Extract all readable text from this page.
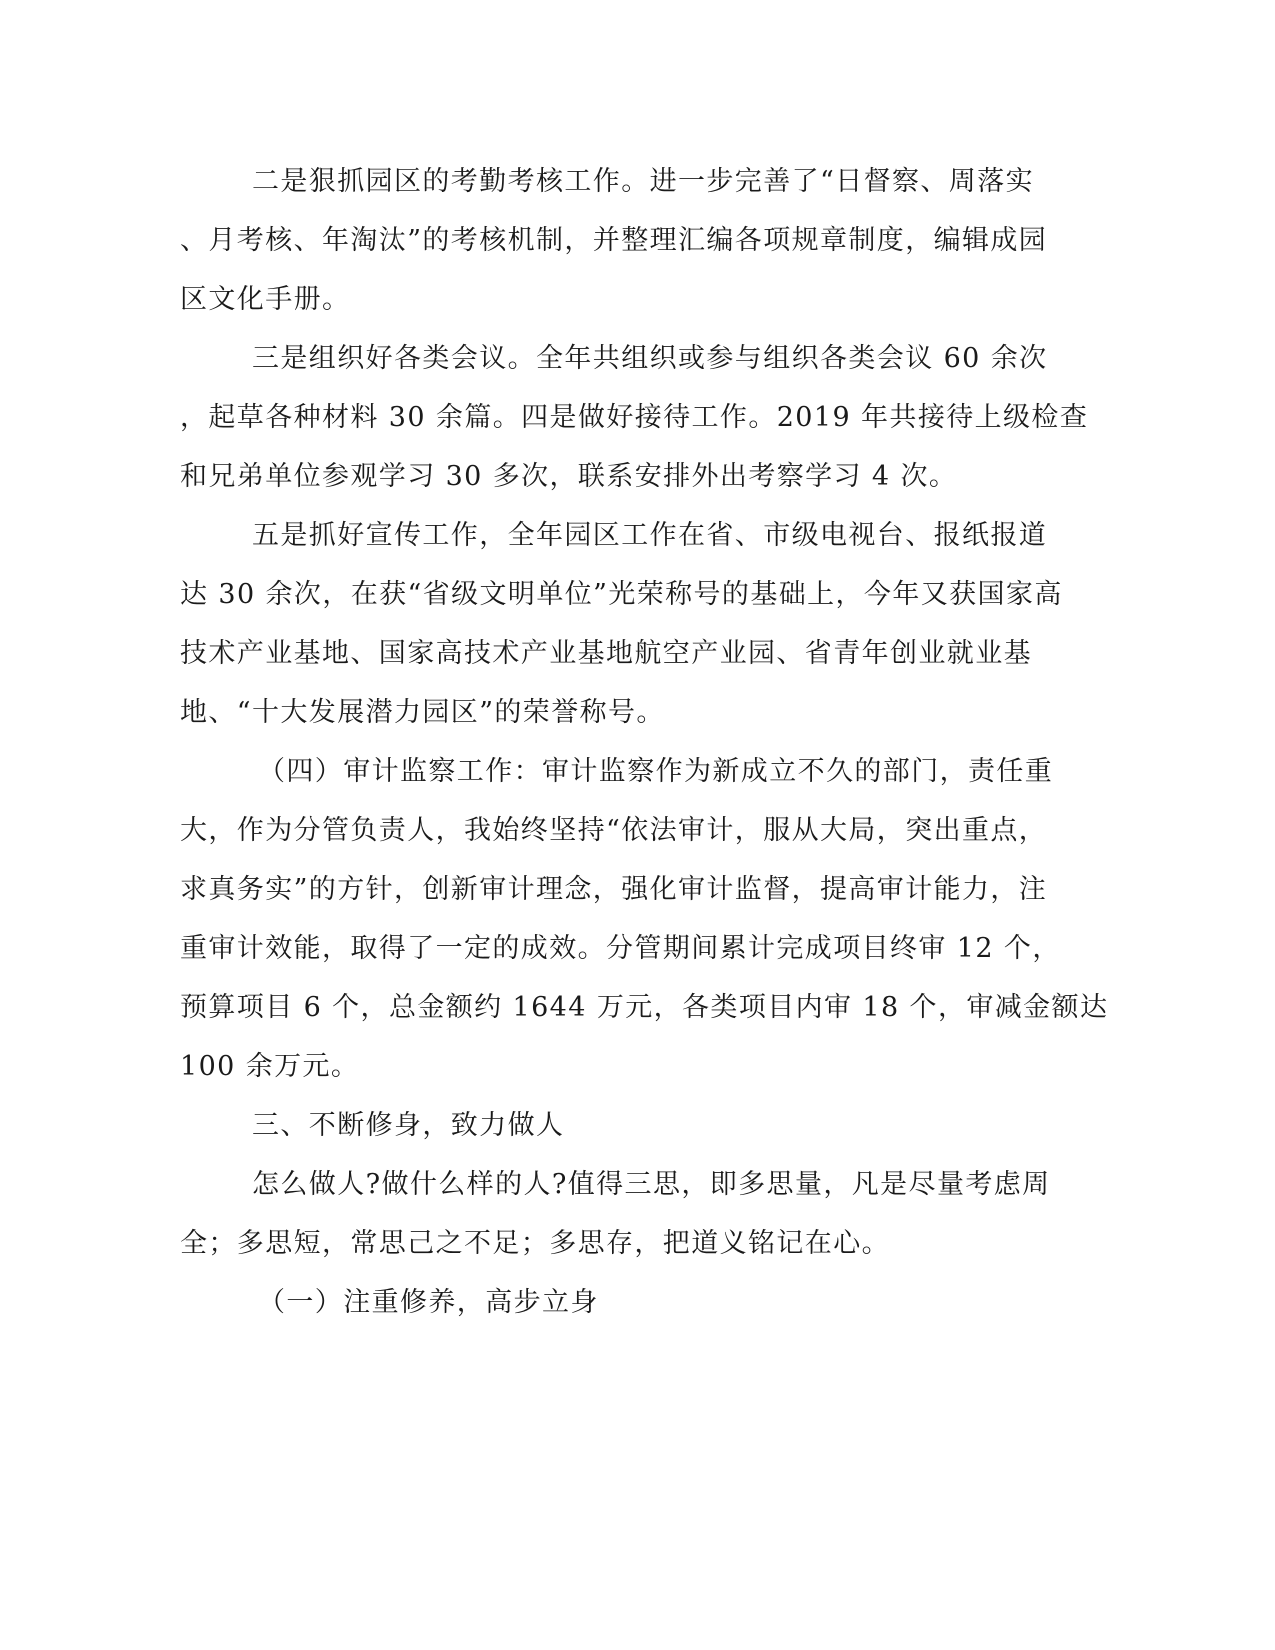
二是狠抓园区的考勤考核工作。进一步完善了“日督察、周落实
、月考核、年淘汰”的考核机制，并整理汇编各项规章制度，编辑成园
区文化手册。
三是组织好各类会议。全年共组织或参与组织各类会议 60 余次
，起草各种材料 30 余篇。四是做好接待工作。2019 年共接待上级检查
和兄弟单位参观学习 30 多次，联系安排外出考察学习 4 次。
五是抓好宣传工作，全年园区工作在省、市级电视台、报纸报道
达 30 余次，在获“省级文明单位”光荣称号的基础上，今年又获国家高
技术产业基地、国家高技术产业基地航空产业园、省青年创业就业基
地、“十大发展潜力园区”的荣誉称号。
（四）审计监察工作：审计监察作为新成立不久的部门，责任重
大，作为分管负责人，我始终坚持“依法审计，服从大局，突出重点，
求真务实”的方针，创新审计理念，强化审计监督，提高审计能力，注
重审计效能，取得了一定的成效。分管期间累计完成项目终审 12 个，
预算项目 6 个，总金额约 1644 万元，各类项目内审 18 个，审减金额达
100 余万元。
三、不断修身，致力做人
怎么做人?做什么样的人?值得三思，即多思量，凡是尽量考虑周
全；多思短，常思己之不足；多思存，把道义铭记在心。
（一）注重修养，高步立身
